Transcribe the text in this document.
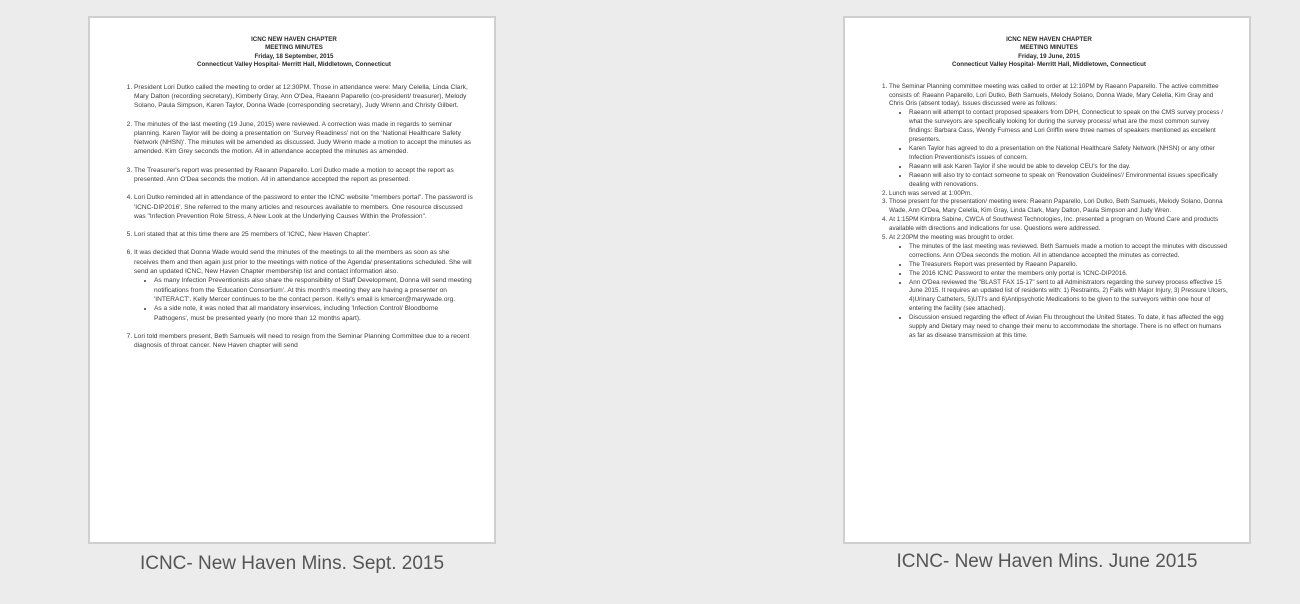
ICNC NEW HAVEN CHAPTER
MEETING MINUTES
Friday, 18 September, 2015
Connecticut Valley Hospital- Merritt Hall, Middletown, Connecticut
1. President Lori Dutko called the meeting to order at 12:30PM. Those in attendance were: Mary Celella, Linda Clark, Mary Dalton (recording secretary), Kimberly Gray, Ann O'Dea, Raeann Paparello (co-president/ treasurer), Melody Solano, Paula Simpson, Karen Taylor, Donna Wade (corresponding secretary), Judy Wrenn and Christy Gilbert.
2. The minutes of the last meeting (19 June, 2015) were reviewed. A correction was made in regards to seminar planning. Karen Taylor will be doing a presentation on 'Survey Readiness' not on the 'National Healthcare Safety Network (NHSN)'. The minutes will be amended as discussed. Judy Wrenn made a motion to accept the minutes as amended. Kim Grey seconds the motion. All in attendance accepted the minutes as amended.
3. The Treasurer's report was presented by Raeann Paparello. Lori Dutko made a motion to accept the report as presented. Ann O'Dea seconds the motion. All in attendance accepted the report as presented.
4. Lori Dutko reminded all in attendance of the password to enter the ICNC website "members portal". The password is 'ICNC-DIP2016'. She referred to the many articles and resources available to members. One resource discussed was "Infection Prevention Role Stress, A New Look at the Underlying Causes Within the Profession".
5. Lori stated that at this time there are 25 members of 'ICNC, New Haven Chapter'.
6. It was decided that Donna Wade would send the minutes of the meetings to all the members as soon as she receives them and then again just prior to the meetings with notice of the Agenda/ presentations scheduled. She will send an updated ICNC, New Haven Chapter membership list and contact information also.
• As many Infection Preventionists also share the responsibility of Staff Development, Donna will send meeting notifications from the 'Education Consortium'. At this month's meeting they are having a presenter on 'INTERACT'. Kelly Mercer continues to be the contact person. Kelly's email is kmercer@marywade.org.
• As a side note, it was noted that all mandatory inservices, including 'Infection Control/ Bloodborne Pathogens', must be presented yearly (no more than 12 months apart).
7. Lori told members present, Beth Samuels will need to resign from the Seminar Planning Committee due to a recent diagnosis of throat cancer. New Haven chapter will send
ICNC- New Haven Mins. Sept. 2015
ICNC NEW HAVEN CHAPTER
MEETING MINUTES
Friday, 19 June, 2015
Connecticut Valley Hospital- Merritt Hall, Middletown, Connecticut
1. The Seminar Planning committee meeting was called to order at 12:10PM by Raeann Paparello. The active committee consists of: Raeann Paparello, Lori Dutko, Beth Samuels, Melody Solano, Donna Wade, Mary Celella, Kim Gray and Chris Oris (absent today). Issues discussed were as follows:
• Raeann will attempt to contact proposed speakers from DPH, Connecticut to speak on the CMS survey process / what the surveyors are specifically looking for during the survey process/ what are the most common survey findings: Barbara Cass, Wendy Furness and Lori Griffin were three names of speakers mentioned as excellent presenters.
• Karen Taylor has agreed to do a presentation on the National Healthcare Safety Network (NHSN) or any other Infection Preventionist's issues of concern.
• Raeann will ask Karen Taylor if she would be able to develop CEU's for the day.
• Raeann will also try to contact someone to speak on 'Renovation Guidelines'/ Environmental issues specifically dealing with renovations.
2. Lunch was served at 1:00Pm.
3. Those present for the presentation/ meeting were: Raeann Paparello, Lori Dutko, Beth Samuels, Melody Solano, Donna Wade, Ann O'Dea, Mary Celella, Kim Gray, Linda Clark, Mary Dalton, Paula Simpson and Judy Wren.
4. At 1:15PM Kimbra Sabine, CWCA of Southwest Technologies, Inc. presented a program on Wound Care and products available with directions and indications for use. Questions were addressed.
5. At 2:20PM the meeting was brought to order.
• The minutes of the last meeting was reviewed. Beth Samuels made a motion to accept the minutes with discussed corrections. Ann O'Dea seconds the motion. All in attendance accepted the minutes as corrected.
• The Treasurers Report was presented by Raeann Paparello.
• The 2016 ICNC Password to enter the members only portal is 'ICNC-DIP2016.
• Ann O'Dea reviewed the "BLAST FAX 15-17" sent to all Administrators regarding the survey process effective 15 June 2015. It requires an updated list of residents with: 1) Restraints, 2) Falls with Major Injury, 3) Pressure Ulcers, 4)Urinary Catheters, 5)UTI's and 6)Antipsychotic Medications to be given to the surveyors within one hour of entering the facility (see attached).
• Discussion ensued regarding the effect of Avian Flu throughout the United States. To date, it has affected the egg supply and Dietary may need to change their menu to accommodate the shortage. There is no effect on humans as far as disease transmission at this time.
ICNC- New Haven Mins. June 2015
